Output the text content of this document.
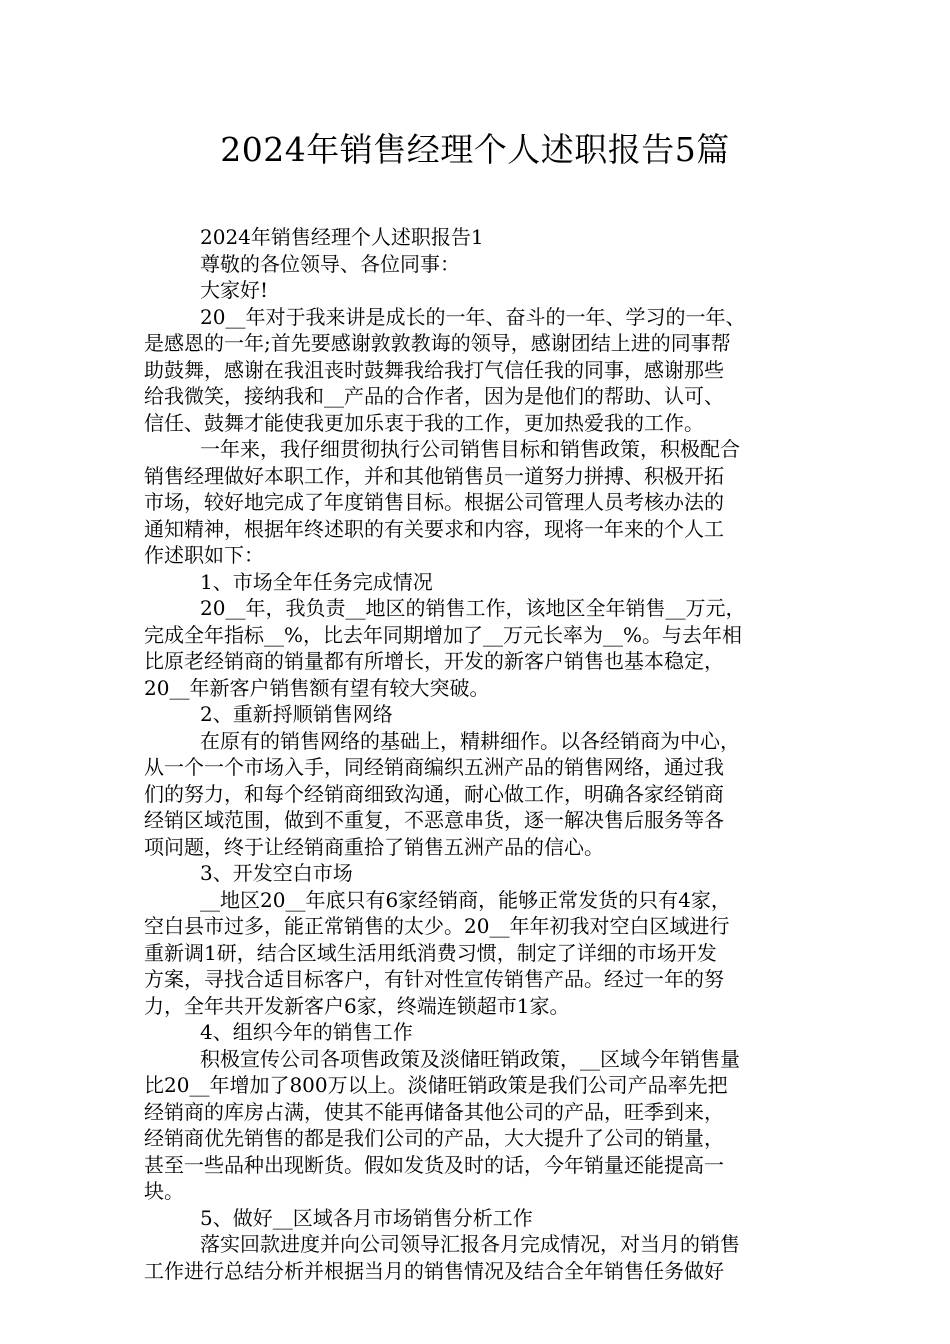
2024年销售经理个人述职报告5篇
2024年销售经理个人述职报告1
尊敬的各位领导、各位同事：
大家好!
20__年对于我来讲是成长的一年、奋斗的一年、学习的一年、
是感恩的一年;首先要感谢敦敦教诲的领导，感谢团结上进的同事帮
助鼓舞，感谢在我沮丧时鼓舞我给我打气信任我的同事，感谢那些
给我微笑，接纳我和__产品的合作者，因为是他们的帮助、认可、
信任、鼓舞才能使我更加乐衷于我的工作，更加热爱我的工作。
一年来，我仔细贯彻执行公司销售目标和销售政策，积极配合
销售经理做好本职工作，并和其他销售员一道努力拼搏、积极开拓
市场，较好地完成了年度销售目标。根据公司管理人员考核办法的
通知精神，根据年终述职的有关要求和内容，现将一年来的个人工
作述职如下：
1、市场全年任务完成情况
20__年，我负责__地区的销售工作，该地区全年销售__万元，
完成全年指标__%，比去年同期增加了__万元长率为__%。与去年相
比原老经销商的销量都有所增长，开发的新客户销售也基本稳定，
20__年新客户销售额有望有较大突破。
2、重新捋顺销售网络
在原有的销售网络的基础上，精耕细作。以各经销商为中心，
从一个一个市场入手，同经销商编织五洲产品的销售网络，通过我
们的努力，和每个经销商细致沟通，耐心做工作，明确各家经销商
经销区域范围，做到不重复，不恶意串货，逐一解决售后服务等各
项问题，终于让经销商重拾了销售五洲产品的信心。
3、开发空白市场
__地区20__年底只有6家经销商，能够正常发货的只有4家，
空白县市过多，能正常销售的太少。20__年年初我对空白区域进行
重新调1研，结合区域生活用纸消费习惯，制定了详细的市场开发
方案，寻找合适目标客户，有针对性宣传销售产品。经过一年的努
力，全年共开发新客户6家，终端连锁超市1家。
4、组织今年的销售工作
积极宣传公司各项售政策及淡储旺销政策，__区域今年销售量
比20__年增加了800万以上。淡储旺销政策是我们公司产品率先把
经销商的库房占满，使其不能再储备其他公司的产品，旺季到来，
经销商优先销售的都是我们公司的产品，大大提升了公司的销量，
甚至一些品种出现断货。假如发货及时的话，今年销量还能提高一
块。
5、做好__区域各月市场销售分析工作
落实回款进度并向公司领导汇报各月完成情况，对当月的销售
工作进行总结分析并根据当月的销售情况及结合全年销售任务做好
